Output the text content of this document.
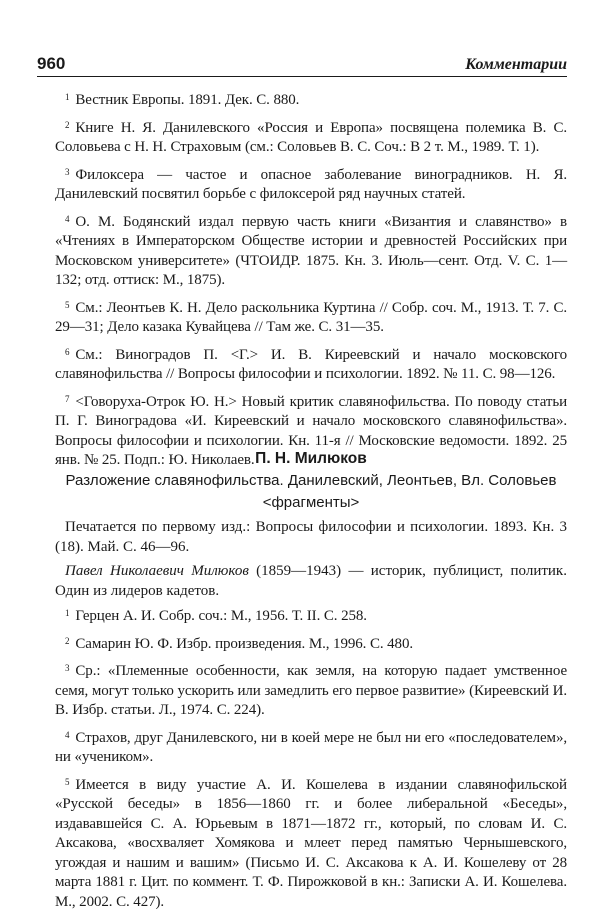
960	Комментарии
$^1$ Вестник Европы. 1891. Дек. С. 880.
$^2$ Книге Н. Я. Данилевского «Россия и Европа» посвящена полемика В. С. Соловьева с Н. Н. Страховым (см.: Соловьев В. С. Соч.: В 2 т. М., 1989. Т. 1).
$^3$ Филоксера — частое и опасное заболевание виноградников. Н. Я. Данилевский посвятил борьбе с филоксерой ряд научных статей.
$^4$ О. М. Бодянский издал первую часть книги «Византия и славянство» в «Чтениях в Императорском Обществе истории и древностей Российских при Московском университете» (ЧТОИДР. 1875. Кн. 3. Июль—сент. Отд. V. С. 1—132; отд. оттиск: М., 1875).
$^5$ См.: Леонтьев К. Н. Дело раскольника Куртина // Собр. соч. М., 1913. Т. 7. С. 29—31; Дело казака Кувайцева // Там же. С. 31—35.
$^6$ См.: Виноградов П. <Г.> И. В. Киреевский и начало московского славянофильства // Вопросы философии и психологии. 1892. № 11. С. 98—126.
$^7$ <Говоруха-Отрок Ю. Н.> Новый критик славянофильства. По поводу статьи П. Г. Виноградова «И. Киреевский и начало московского славянофильства». Вопросы философии и психологии. Кн. 11-я // Московские ведомости. 1892. 25 янв. № 25. Подп.: Ю. Николаев. П. Н. Милюков
Разложение славянофильства. Данилевский, Леонтьев, Вл. Соловьев
<фрагменты>

Печатается по первому изд.: Вопросы философии и психологии. 1893. Кн. 3 (18). Май. С. 46—96.

Павел Николаевич Милюков (1859—1943) — историк, публицист, политик. Один из лидеров кадетов.

$^1$ Герцен А. И. Собр. соч.: М., 1956. Т. II. С. 258.
$^2$ Самарин Ю. Ф. Избр. произведения. М., 1996. С. 480.
$^3$ Ср.: «Племенные особенности, как земля, на которую падает умственное семя, могут только ускорить или замедлить его первое развитие» (Киреевский И. В. Избр. статьи. Л., 1974. С. 224).
$^4$ Страхов, друг Данилевского, ни в коей мере не был ни его «последователем», ни «учеником».
$^5$ Имеется в виду участие А. И. Кошелева в издании славянофильской «Русской беседы» в 1856—1860 гг. и более либеральной «Беседы», издававшейся С. А. Юрьевым в 1871—1872 гг., который, по словам И. С. Аксакова, «восхваляет Хомякова и млеет перед памятью Чернышевского, угождая и нашим и вашим» (Письмо И. С. Аксакова к А. И. Кошелеву от 28 марта 1881 г. Цит. по коммент. Т. Ф. Пирожковой в кн.: Записки А. И. Кошелева. М., 2002. С. 427).
